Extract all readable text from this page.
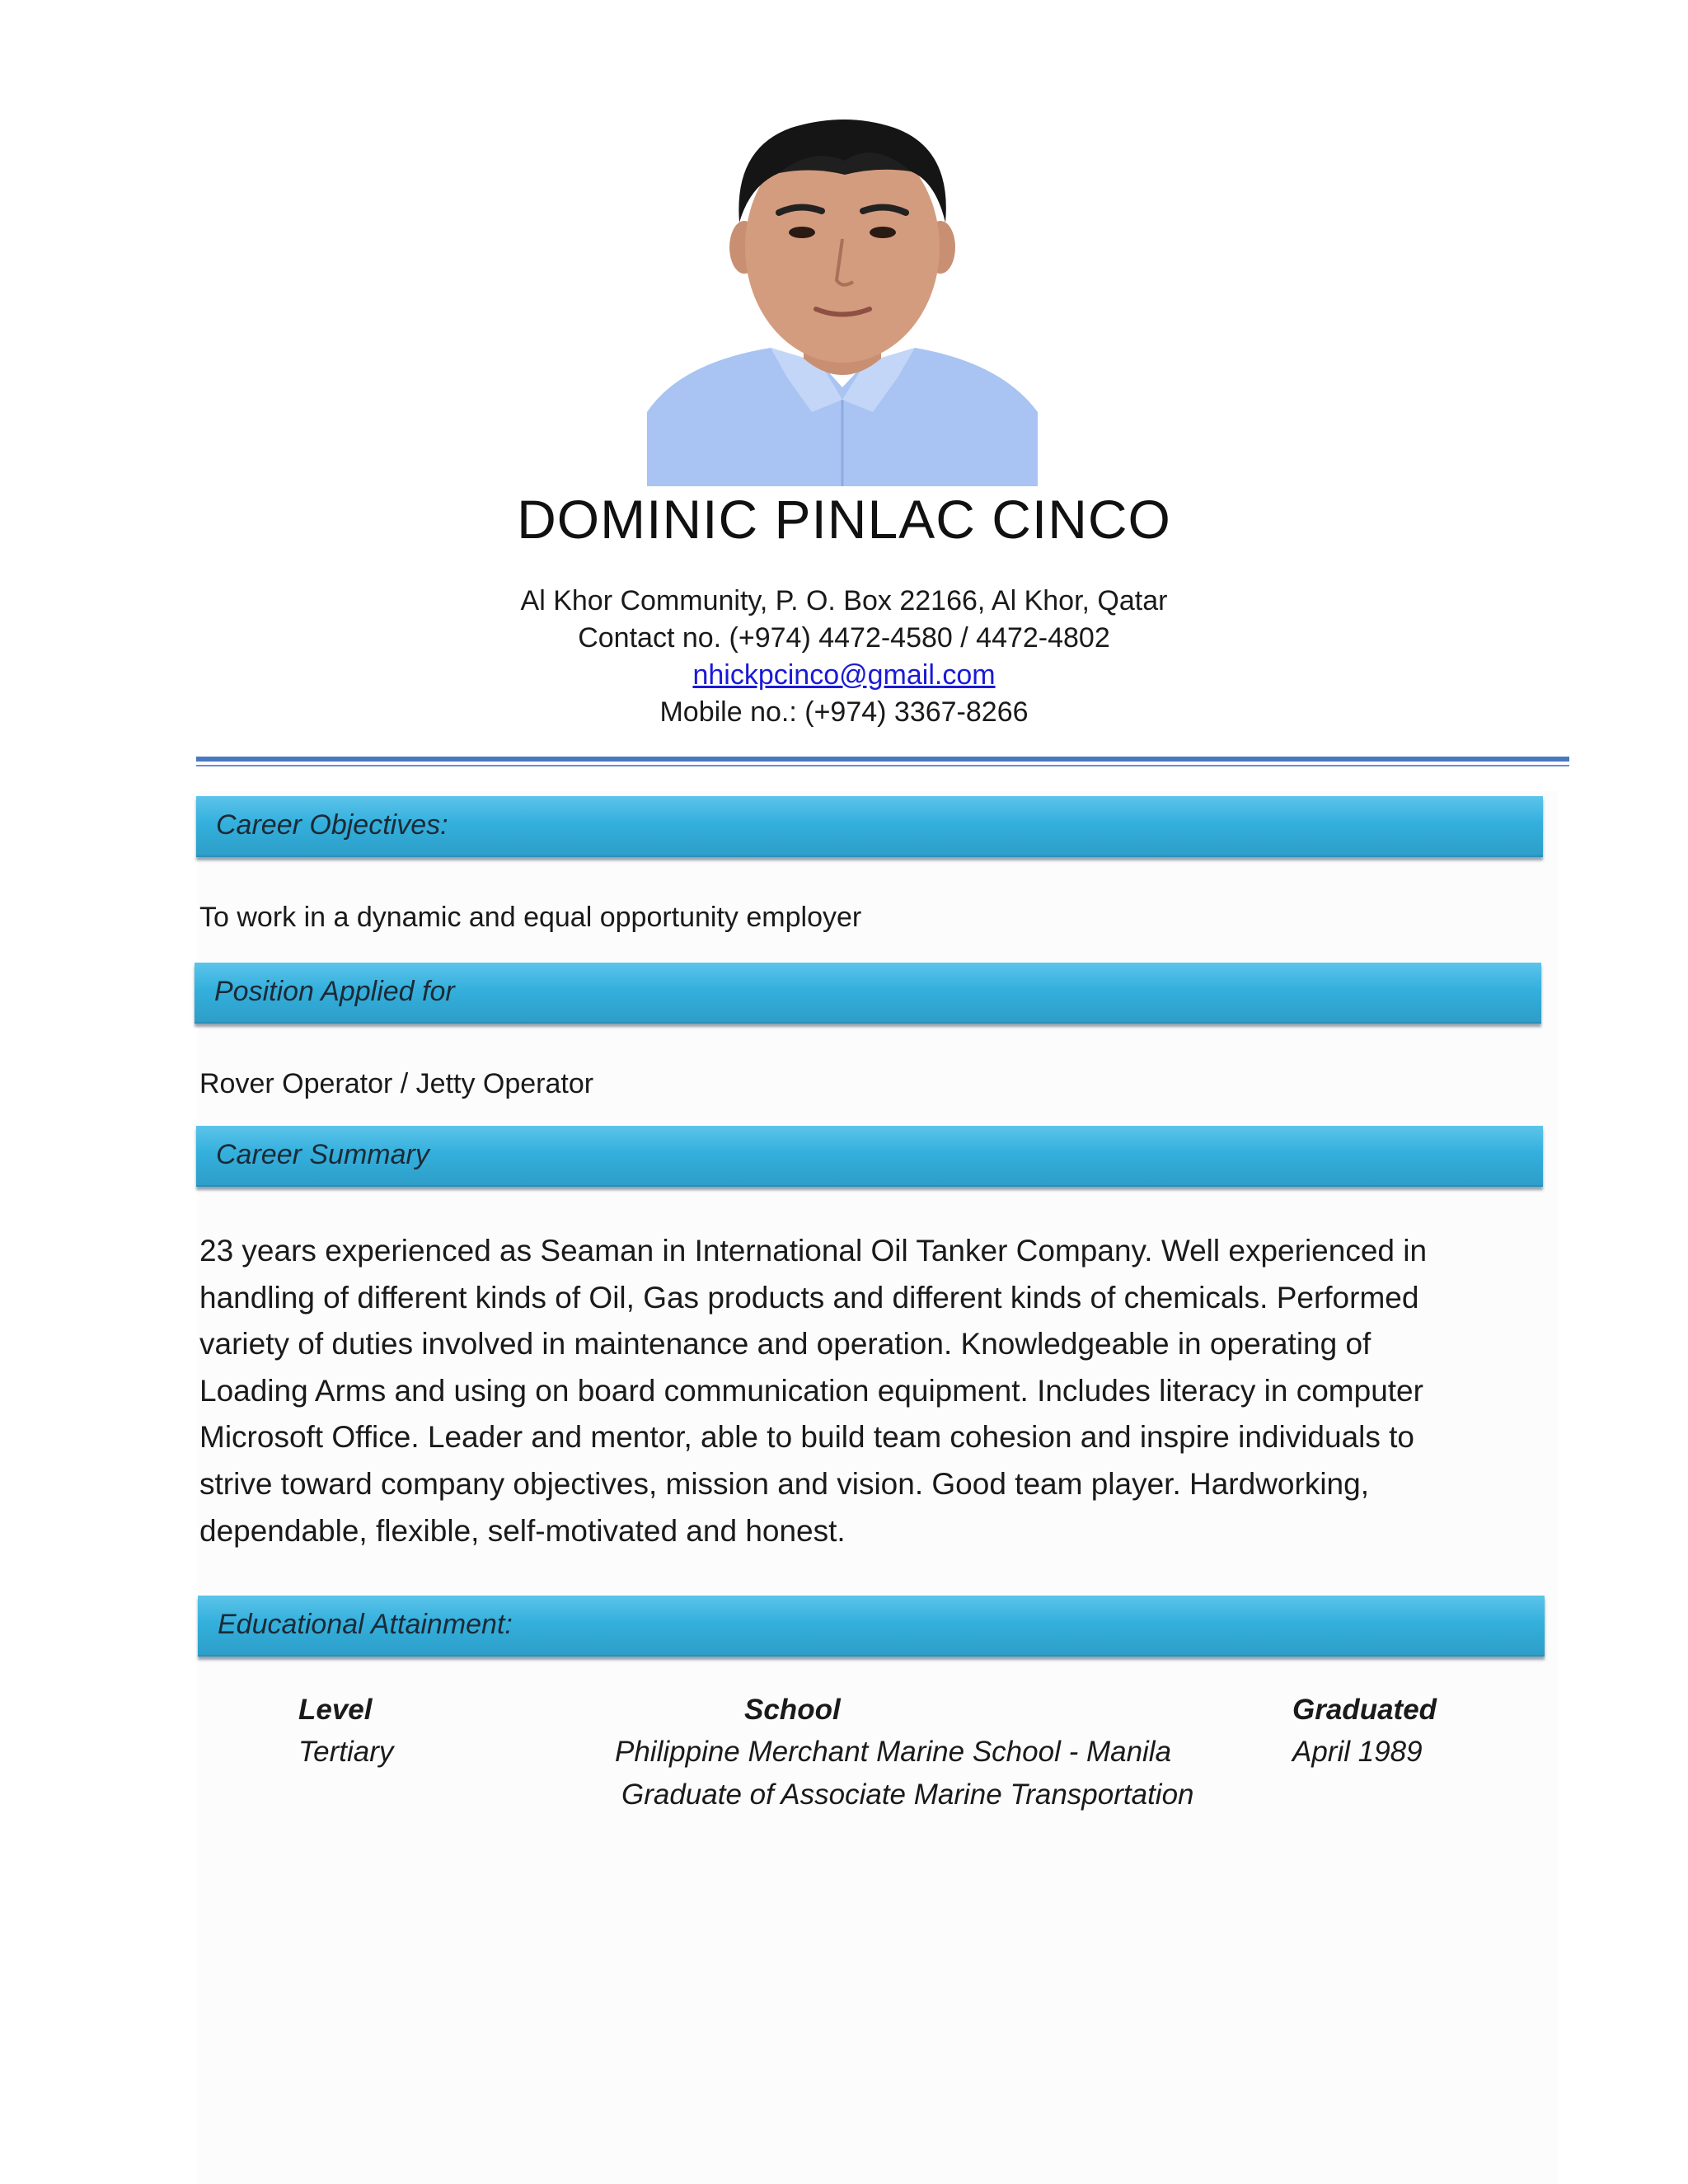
DOMINIC PINLAC CINCO
Al Khor Community, P. O. Box 22166, Al Khor, Qatar
Contact no. (+974) 4472-4580 / 4472-4802
nhickpcinco@gmail.com
Mobile no.: (+974) 3367-8266
Career Objectives:
To work in a dynamic and equal opportunity employer
Position Applied for
Rover Operator / Jetty Operator
Career Summary
23 years experienced as Seaman in International Oil Tanker Company. Well experienced in
handling of different kinds of Oil, Gas products and different kinds of chemicals. Performed
variety of duties involved in maintenance and operation. Knowledgeable in operating of
Loading Arms and using on board communication equipment. Includes literacy in computer
Microsoft Office. Leader and mentor, able to build team cohesion and inspire individuals to
strive toward company objectives, mission and vision. Good team player. Hardworking,
dependable, flexible, self-motivated and honest.
Educational Attainment:
Level	School	Graduated
Tertiary	Philippine Merchant Marine School - Manila	April 1989
Graduate of Associate Marine Transportation
